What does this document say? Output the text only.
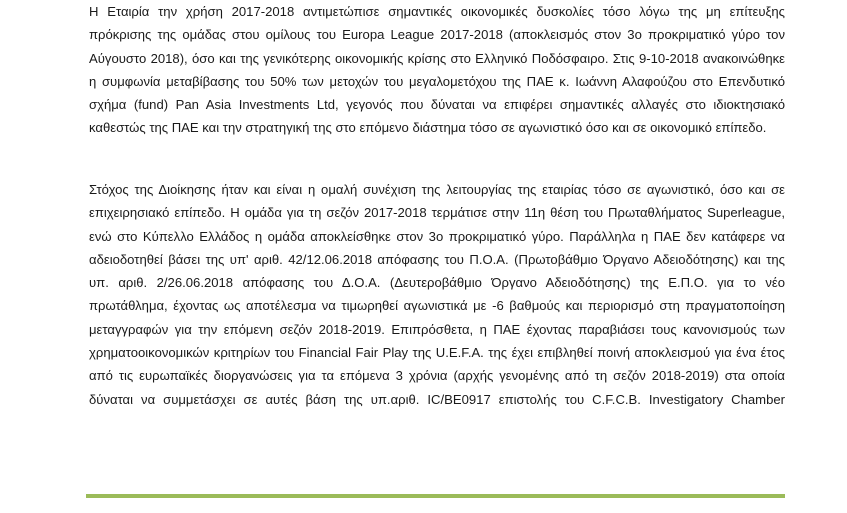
Η Εταιρία την χρήση 2017-2018 αντιμετώπισε σημαντικές οικονομικές δυσκολίες τόσο λόγω της μη επίτευξης
πρόκρισης της ομάδας στου ομίλους του Europa League 2017-2018 (αποκλεισμός στον 3ο προκριματικό γύρο τον
Αύγουστο 2018), όσο και της γενικότερης οικονομικής κρίσης στο Ελληνικό Ποδόσφαιρο. Στις 9-10-2018 ανακοινώθηκε
η συμφωνία μεταβίβασης του 50% των μετοχών του μεγαλομετόχου της ΠΑΕ κ. Ιωάννη Αλαφούζου στο Επενδυτικό
σχήμα (fund) Pan Asia Investments Ltd, γεγονός που δύναται να επιφέρει σημαντικές αλλαγές στο ιδιοκτησιακό
καθεστώς της ΠΑΕ και την στρατηγική της στο επόμενο διάστημα τόσο σε αγωνιστικό όσο και σε οικονομικό επίπεδο.
Στόχος της Διοίκησης ήταν και είναι η ομαλή συνέχιση της λειτουργίας της εταιρίας τόσο σε αγωνιστικό, όσο και σε
επιχειρησιακό επίπεδο. Η ομάδα για τη σεζόν 2017-2018 τερμάτισε στην 11η θέση του Πρωταθλήματος Superleague,
ενώ στο Κύπελλο Ελλάδος η ομάδα αποκλείσθηκε στον 3ο προκριματικό γύρο. Παράλληλα η ΠΑΕ δεν κατάφερε να
αδειοδοτηθεί βάσει της υπ' αριθ. 42/12.06.2018 απόφασης του Π.Ο.Α. (Πρωτοβάθμιο Όργανο Αδειοδότησης) και της
υπ. αριθ. 2/26.06.2018 απόφασης του Δ.Ο.Α. (Δευτεροβάθμιο Όργανο Αδειοδότησης) της Ε.Π.Ο. για το νέο
πρωτάθλημα, έχοντας ως αποτέλεσμα να τιμωρηθεί αγωνιστικά με -6 βαθμούς και περιορισμό στη πραγματοποίηση
μεταγγραφών για την επόμενη σεζόν 2018-2019. Επιπρόσθετα, η ΠΑΕ έχοντας παραβιάσει τους κανονισμούς των
χρηματοοικονομικών κριτηρίων του Financial Fair Play της U.E.F.A. της έχει επιβληθεί ποινή αποκλεισμού για ένα έτος
από τις ευρωπαϊκές διοργανώσεις για τα επόμενα 3 χρόνια (αρχής γενομένης από τη σεζόν 2018-2019) στα οποία
δύναται να συμμετάσχει σε αυτές βάση της υπ.αριθ. IC/BE0917 επιστολής του C.F.C.B. Investigatory Chamber
